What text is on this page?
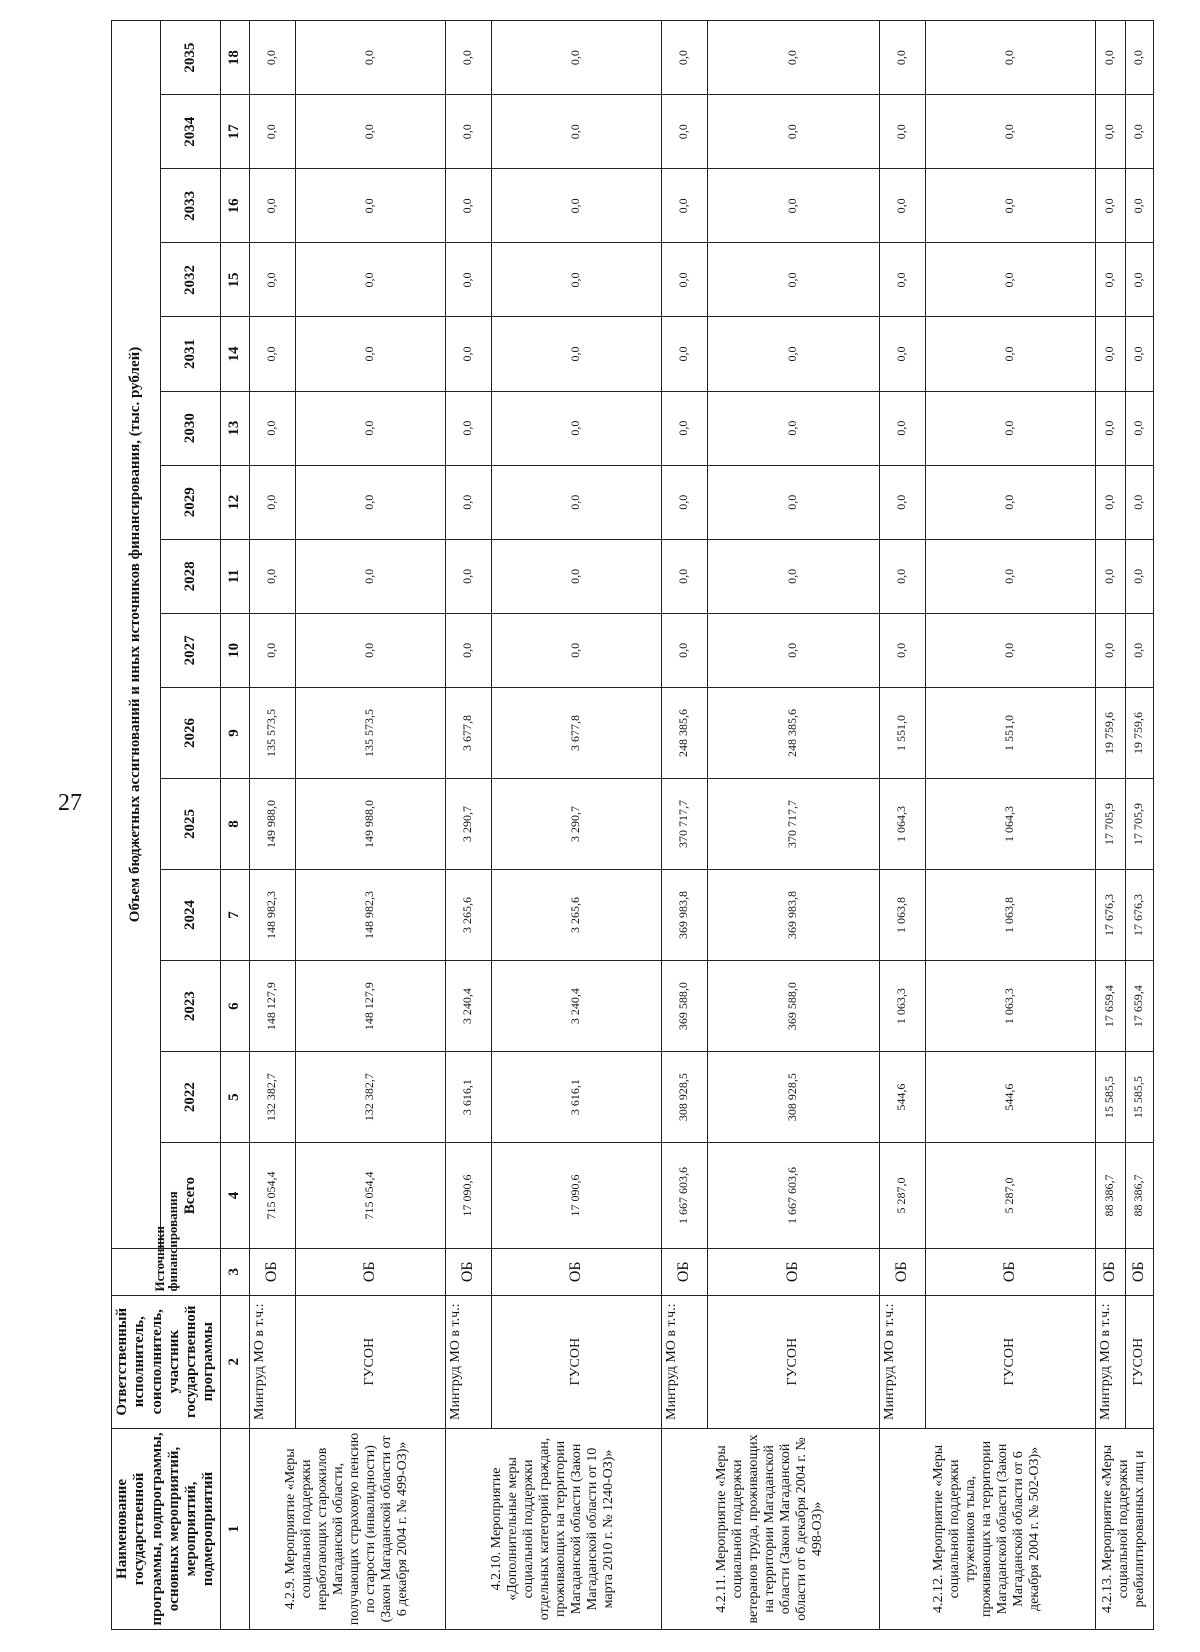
27
Наименование государственной программы, подпрограммы, основных мероприятий, мероприятий, подмероприятий	Ответственный исполнитель, соисполнитель, участник государственной программы	Источники финансирования	Объем бюджетных ассигнований и иных источников финансирования, (тыс. рублей)														
			Всего	2022	2023	2024	2025	2026	2027	2028	2029	2030	2031	2032	2033	2034	2035
1	2	3	4	5	6	7	8	9	10	11	12	13	14	15	16	17	18
4.2.9. Мероприятие «Меры социальной поддержки неработающих старожилов Магаданской области, получающих страховую пенсию по старости (инвалидности) (Закон Магаданской области от 6 декабря 2004 г. № 499-ОЗ)»	Минтруд МО в т.ч.:	ОБ	715 054,4	132 382,7	148 127,9	148 982,3	149 988,0	135 573,5	0,0	0,0	0,0	0,0	0,0	0,0	0,0	0,0	0,0
	ГУСОН	ОБ	715 054,4	132 382,7	148 127,9	148 982,3	149 988,0	135 573,5	0,0	0,0	0,0	0,0	0,0	0,0	0,0	0,0	0,0
4.2.10. Мероприятие «Дополнительные меры социальной поддержки отдельных категорий граждан, проживающих на территории Магаданской области (Закон Магаданской области от 10 марта 2010 г. № 1240-ОЗ)»	Минтруд МО в т.ч.:	ОБ	17 090,6	3 616,1	3 240,4	3 265,6	3 290,7	3 677,8	0,0	0,0	0,0	0,0	0,0	0,0	0,0	0,0	0,0
	ГУСОН	ОБ	17 090,6	3 616,1	3 240,4	3 265,6	3 290,7	3 677,8	0,0	0,0	0,0	0,0	0,0	0,0	0,0	0,0	0,0
4.2.11. Мероприятие «Меры социальной поддержки ветеранов труда, проживающих на территории Магаданской области (Закон Магаданской области от 6 декабря 2004 г. № 498-ОЗ)»	Минтруд МО в т.ч.:	ОБ	1 667 603,6	308 928,5	369 588,0	369 983,8	370 717,7	248 385,6	0,0	0,0	0,0	0,0	0,0	0,0	0,0	0,0	0,0
	ГУСОН	ОБ	1 667 603,6	308 928,5	369 588,0	369 983,8	370 717,7	248 385,6	0,0	0,0	0,0	0,0	0,0	0,0	0,0	0,0	0,0
4.2.12. Мероприятие «Меры социальной поддержки тружеников тыла, проживающих на территории Магаданской области (Закон Магаданской области от 6 декабря 2004 г. № 502-ОЗ)»	Минтруд МО в т.ч.:	ОБ	5 287,0	544,6	1 063,3	1 063,8	1 064,3	1 551,0	0,0	0,0	0,0	0,0	0,0	0,0	0,0	0,0	0,0
	ГУСОН	ОБ	5 287,0	544,6	1 063,3	1 063,8	1 064,3	1 551,0	0,0	0,0	0,0	0,0	0,0	0,0	0,0	0,0	0,0
4.2.13. Мероприятие «Меры социальной поддержки реабилитированных лиц и	Минтруд МО в т.ч.:	ОБ	88 386,7	15 585,5	17 659,4	17 676,3	17 705,9	19 759,6	0,0	0,0	0,0	0,0	0,0	0,0	0,0	0,0	0,0
	ГУСОН	ОБ	88 386,7	15 585,5	17 659,4	17 676,3	17 705,9	19 759,6	0,0	0,0	0,0	0,0	0,0	0,0	0,0	0,0	0,0
